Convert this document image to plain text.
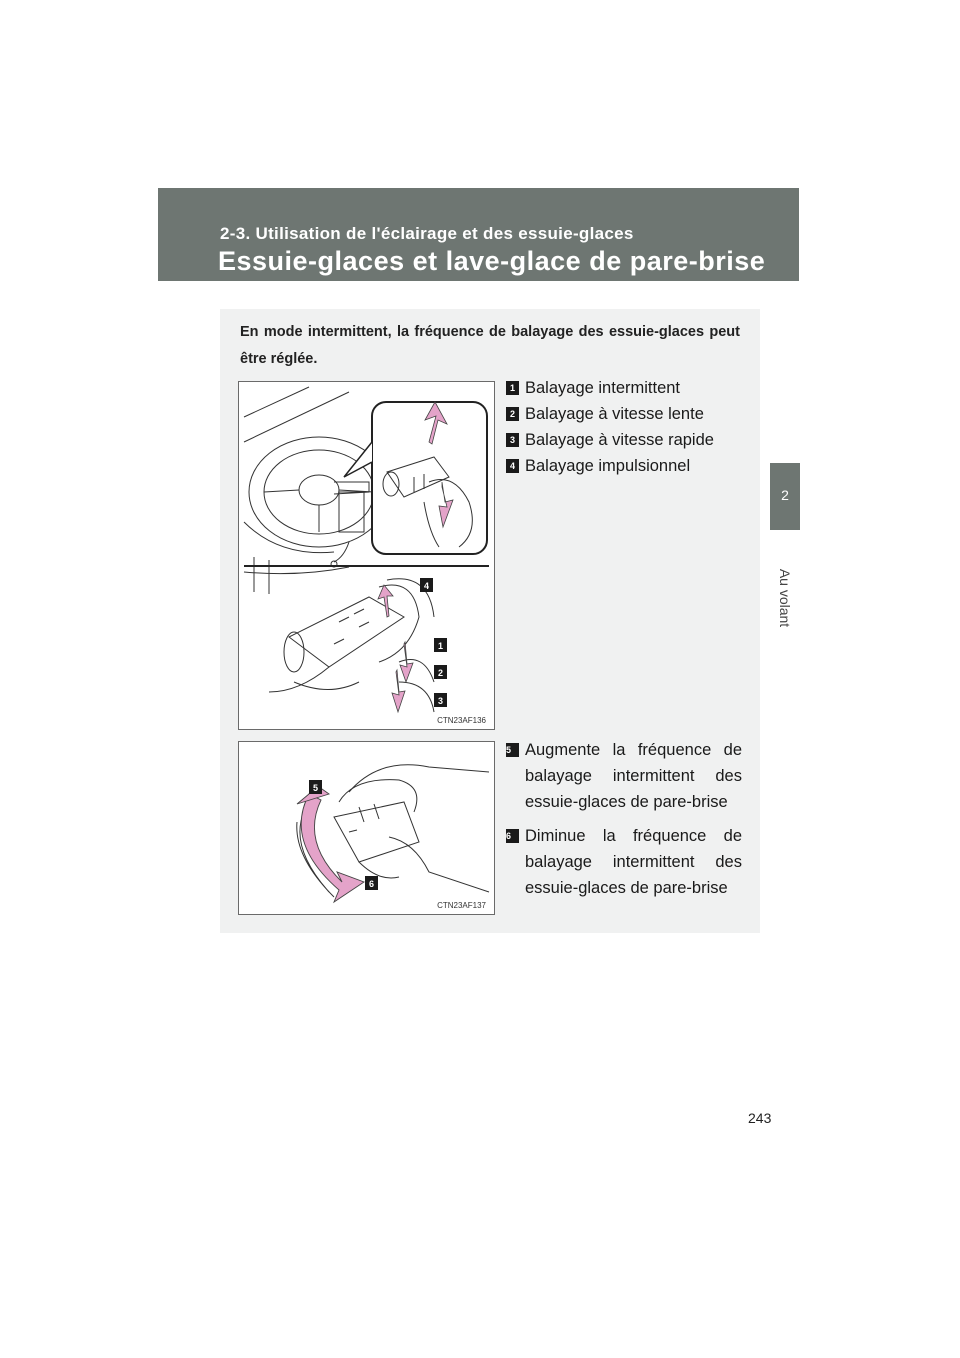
2-3. Utilisation de l'éclairage et des essuie-glaces
Essuie-glaces et lave-glace de pare-brise
2
Au volant
En mode intermittent, la fréquence de balayage des essuie-glaces peut être réglée.
4
1
2
3
CTN23AF136
1 Balayage intermittent
2 Balayage à vitesse lente
3 Balayage à vitesse rapide
4 Balayage impulsionnel
5
6
CTN23AF137
5 Augmente la fréquence de balayage intermittent des essuie-glaces de pare-brise
6 Diminue la fréquence de balayage intermittent des essuie-glaces de pare-brise
243
